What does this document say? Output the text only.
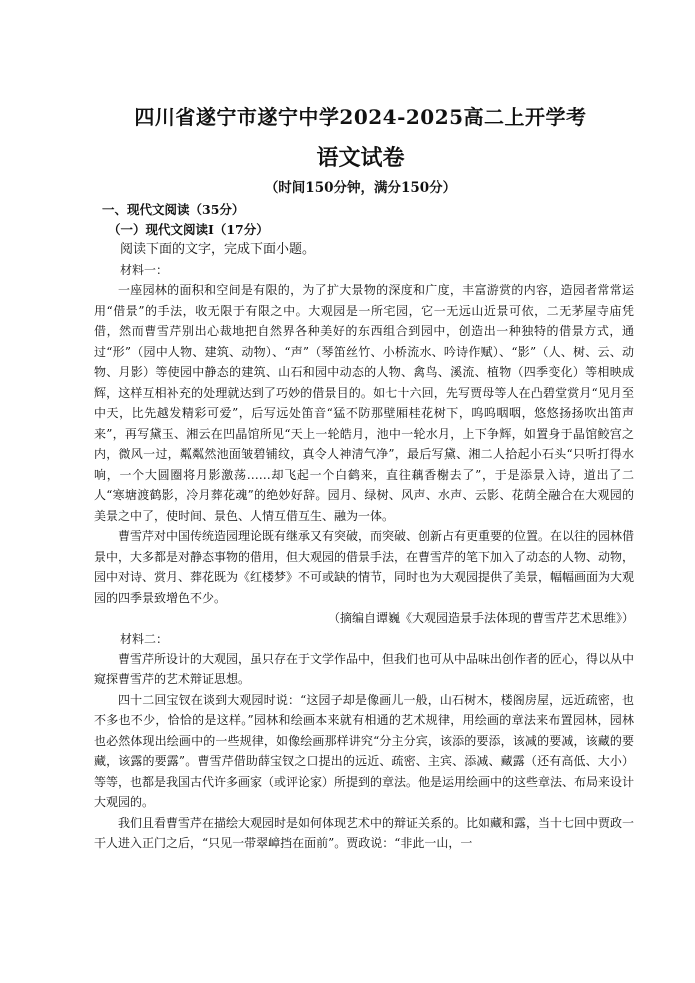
四川省遂宁市遂宁中学2024-2025高二上开学考
语文试卷
（时间150分钟，满分150分）
一、现代文阅读（35分）
（一）现代文阅读Ⅰ（17分）
阅读下面的文字，完成下面小题。
材料一：

一座园林的面积和空间是有限的，为了扩大景物的深度和广度，丰富游赏的内容，造园者常常运用“借景”的手法，收无限于有限之中。大观园是一所宅园，它一无远山近景可依，二无茅屋寺庙凭借，然而曹雪芹别出心裁地把自然界各种美好的东西组合到园中，创造出一种独特的借景方式，通过“形”（园中人物、建筑、动物）、“声”（琴笛丝竹、小桥流水、吟诗作赋）、“影”（人、树、云、动物、月影）等使园中静态的建筑、山石和园中动态的人物、禽鸟、溪流、植物（四季变化）等相映成辉，这样互相补充的处理就达到了巧妙的借景目的。如七十六回，先写贾母等人在凸碧堂赏月“见月至中天，比先越发精彩可爱”，后写远处笛音“猛不防那壁厢桂花树下，呜呜咽咽，悠悠扬扬吹出笛声来”，再写黛玉、湘云在凹晶馆所见“天上一轮皓月，池中一轮水月，上下争辉，如置身于晶馆鲛宫之内，微风一过，粼粼然池面皱碧铺纹，真令人神清气净”，最后写黛、湘二人拾起小石头“只听打得水响，一个大圆圈将月影激荡……却飞起一个白鹤来，直往藕香榭去了”，于是添景入诗，道出了二人“寒塘渡鹤影，冷月葬花魂”的绝妙好辞。园月、绿树、风声、水声、云影、花荫全融合在大观园的美景之中了，使时间、景色、人情互借互生、融为一体。

曹雪芹对中国传统造园理论既有继承又有突破，而突破、创新占有更重要的位置。在以往的园林借景中，大多都是对静态事物的借用，但大观园的借景手法，在曹雪芹的笔下加入了动态的人物、动物，园中对诗、赏月、葬花既为《红楼梦》不可或缺的情节，同时也为大观园提供了美景，幅幅画面为大观园的四季景致增色不少。

（摘编自谭巍《大观园造景手法体现的曹雪芹艺术思维》）
材料二：

曹雪芹所设计的大观园，虽只存在于文学作品中，但我们也可从中品味出创作者的匠心，得以从中窥探曹雪芹的艺术辩证思想。

四十二回宝钗在谈到大观园时说：“这园子却是像画儿一般，山石树木，楼阁房屋，远近疏密，也不多也不少，恰恰的是这样。”园林和绘画本来就有相通的艺术规律，用绘画的章法来布置园林，园林也必然体现出绘画中的一些规律，如像绘画那样讲究“分主分宾，该添的要添，该减的要减，该藏的要藏，该露的要露”。曹雪芹借助薛宝钗之口提出的远近、疏密、主宾、添减、藏露（还有高低、大小）等等，也都是我国古代许多画家（或评论家）所提到的章法。他是运用绘画中的这些章法、布局来设计大观园的。

我们且看曹雪芹在描绘大观园时是如何体现艺术中的辩证关系的。比如藏和露，当十七回中贾政一干人进入正门之后，“只见一带翠嶂挡在面前”。贾政说：“非此一山，一
